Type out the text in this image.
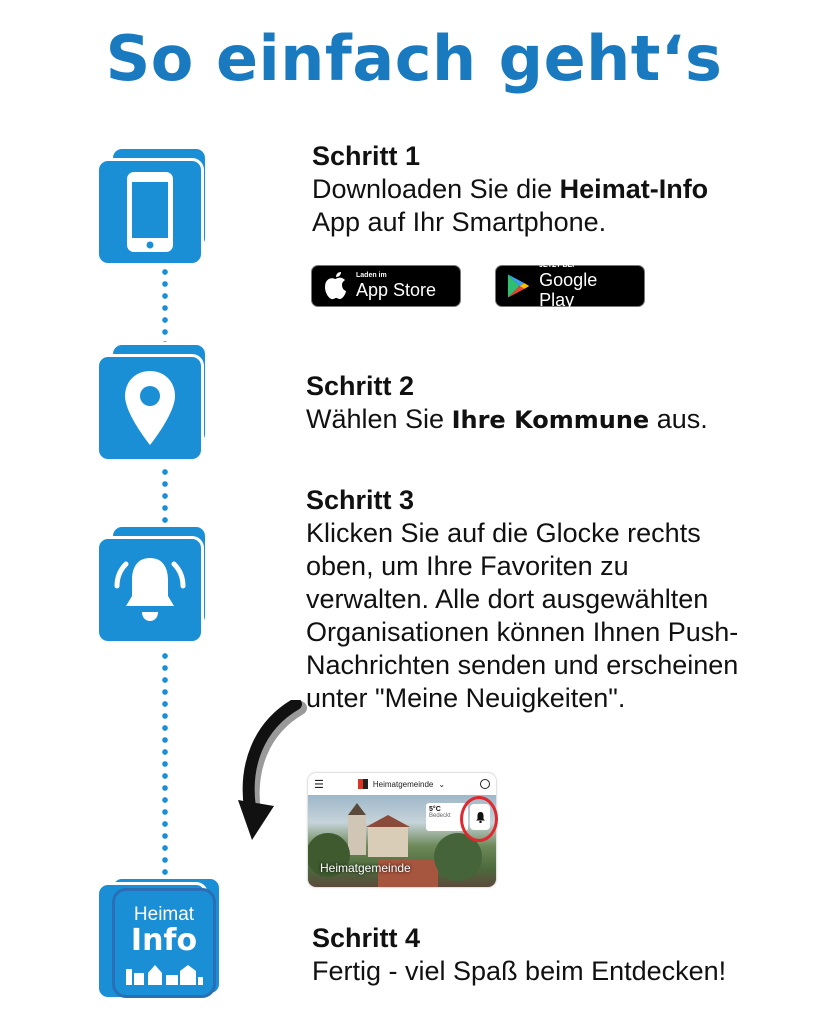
So einfach geht‘s
Schritt 1
Downloaden Sie die Heimat-Info
App auf Ihr Smartphone.
Laden im
App Store
JETZT BEI
Google Play
Schritt 2
Wählen Sie Ihre Kommune aus.
Schritt 3
Klicken Sie auf die Glocke rechts
oben, um Ihre Favoriten zu
verwalten. Alle dort ausgewählten
Organisationen können Ihnen Push-
Nachrichten senden und erscheinen
unter "Meine Neuigkeiten".
☰	Heimatgemeinde ⌄
5°C
Bedeckt
Heimatgemeinde
Heimat
Info	Schritt 4
Fertig - viel Spaß beim Entdecken!
